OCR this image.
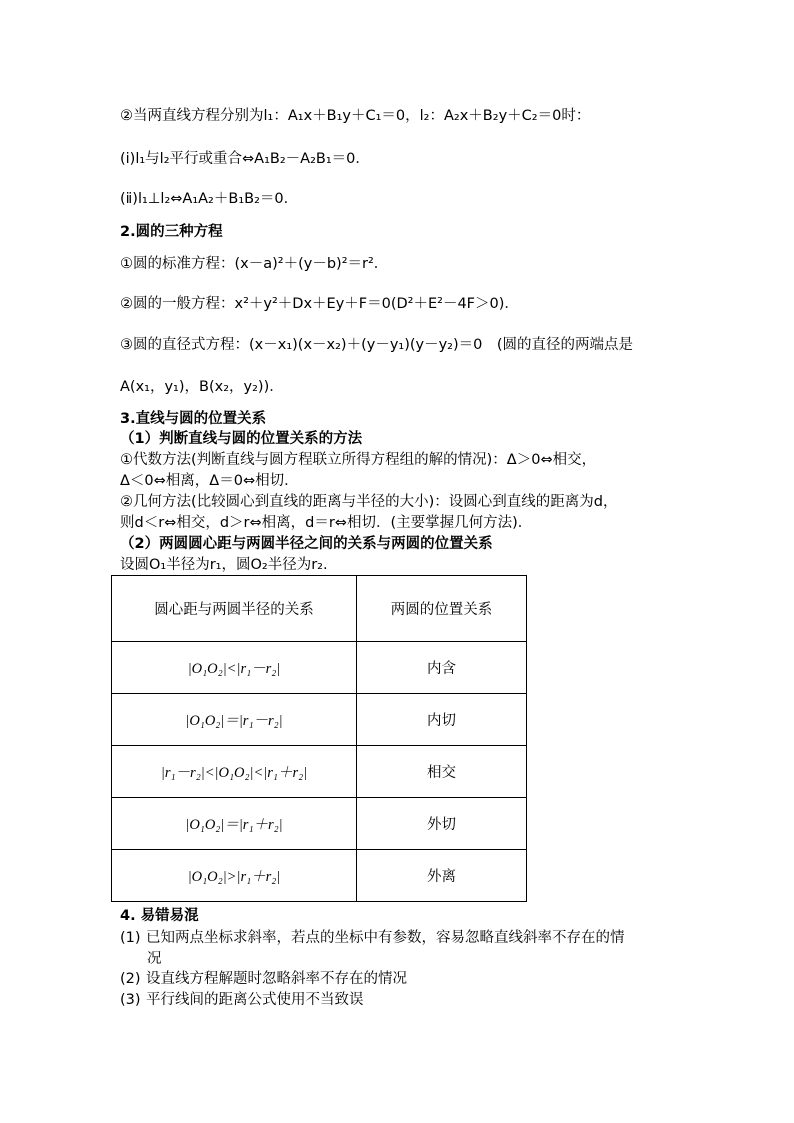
②当两直线方程分别为l₁：A₁x＋B₁y＋C₁＝0，l₂：A₂x＋B₂y＋C₂＝0时：
(ⅰ)l₁与l₂平行或重合⇔A₁B₂－A₂B₁＝0．
(ⅱ)l₁⊥l₂⇔A₁A₂＋B₁B₂＝0．
2.圆的三种方程
①圆的标准方程：(x－a)²＋(y－b)²＝r²．
②圆的一般方程：x²＋y²＋Dx＋Ey＋F＝0(D²＋E²－4F＞0)．
③圆的直径式方程：(x－x₁)(x－x₂)＋(y－y₁)(y－y₂)＝0　(圆的直径的两端点是
A(x₁，y₁)，B(x₂，y₂))．
3.直线与圆的位置关系
（1）判断直线与圆的位置关系的方法
①代数方法(判断直线与圆方程联立所得方程组的解的情况)：Δ＞0⇔相交，
Δ＜0⇔相离，Δ＝0⇔相切．
②几何方法(比较圆心到直线的距离与半径的大小)：设圆心到直线的距离为d，
则d＜r⇔相交，d＞r⇔相离，d＝r⇔相切．(主要掌握几何方法)．
（2）两圆圆心距与两圆半径之间的关系与两圆的位置关系
设圆O₁半径为r₁，圆O₂半径为r₂.
圆心距与两圆半径的关系	两圆的位置关系
|O₁O₂|<|r₁－r₂|	内含
|O₁O₂|＝|r₁－r₂|	内切
|r₁－r₂|<|O₁O₂|<|r₁＋r₂|	相交
|O₁O₂|＝|r₁＋r₂|	外切
|O₁O₂|>|r₁＋r₂|	外离
4. 易错易混
(1) 已知两点坐标求斜率，若点的坐标中有参数，容易忽略直线斜率不存在的情
况
(2) 设直线方程解题时忽略斜率不存在的情况
(3) 平行线间的距离公式使用不当致误
